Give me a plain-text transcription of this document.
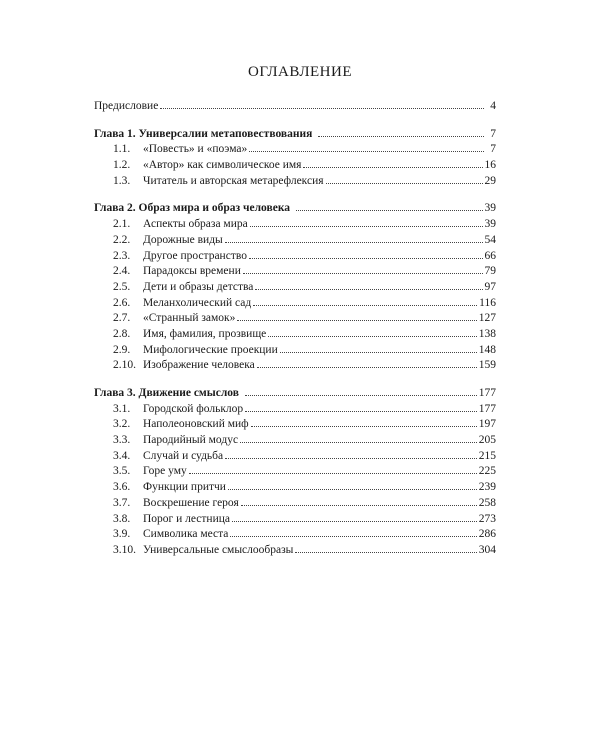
ОГЛАВЛЕНИЕ
Предисловие	4
Глава 1. Универсалии метаповествования	7
1.1.	«Повесть» и «поэма»	7
1.2.	«Автор» как символическое имя	16
1.3.	Читатель и авторская метарефлексия	29
Глава 2. Образ мира и образ человека	39
2.1.	Аспекты образа мира	39
2.2.	Дорожные виды	54
2.3.	Другое пространство	66
2.4.	Парадоксы времени	79
2.5.	Дети и образы детства	97
2.6.	Меланхолический сад	116
2.7.	«Странный замок»	127
2.8.	Имя, фамилия, прозвище	138
2.9.	Мифологические проекции	148
2.10. Изображение человека	159
Глава 3. Движение смыслов	177
3.1.	Городской фольклор	177
3.2.	Наполеоновский миф	197
3.3.	Пародийный модус	205
3.4.	Случай и судьба	215
3.5.	Горе уму	225
3.6.	Функции притчи	239
3.7.	Воскрешение героя	258
3.8.	Порог и лестница	273
3.9.	Символика места	286
3.10. Универсальные смыслообразы	304
